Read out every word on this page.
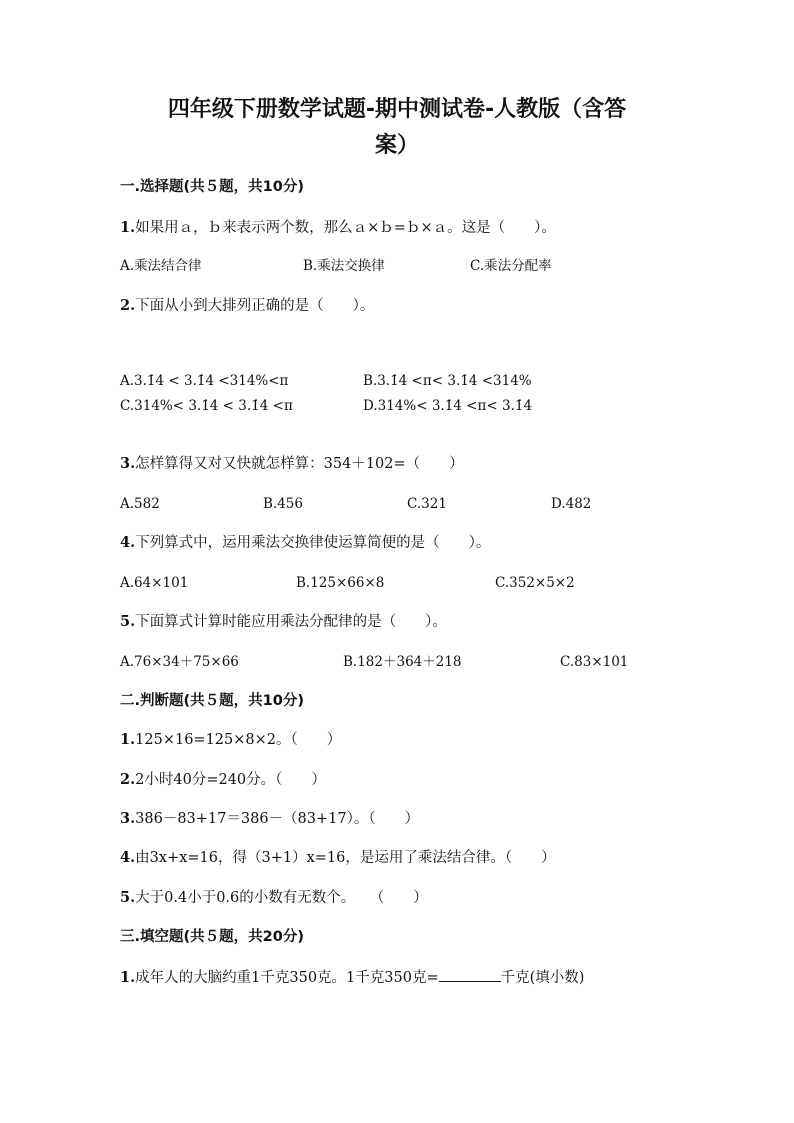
四年级下册数学试题-期中测试卷-人教版（含答
案）
一.选择题(共５题，共10分)
1.如果用ａ，ｂ来表示两个数，那么ａ×ｂ=ｂ×ａ。这是（　　）。
A.乘法结合律	B.乘法交换律	C.乘法分配率
2.下面从小到大排列正确的是（　　）。
A.3.1̇4̇ < 3.1̇4̇ <314%<π	B.3.1̇4̇ <π< 3.1̇4̇ <314%
C.314%< 3.1̇4̇ < 3.1̇4̇ <π	D.314%< 3.1̇4̇ <π< 3.1̇4̇
3.怎样算得又对又快就怎样算：354＋102=（　　）
A.582	B.456	C.321	D.482
4.下列算式中，运用乘法交换律使运算简便的是（　　）。
A.64×101	B.125×66×8	C.352×5×2
5.下面算式计算时能应用乘法分配律的是（　　）。
A.76×34＋75×66	B.182＋364＋218	C.83×101
二.判断题(共５题，共10分)
1.125×16=125×8×2。（　　）
2.2小时40分=240分。（　　）
3.386－83+17＝386－（83+17）。（　　）
4.由3x+x=16，得（3+1）x=16，是运用了乘法结合律。（　　）
5.大于0.4小于0.6的小数有无数个。　　（　　）
三.填空题(共５题，共20分)
1.成年人的大脑约重1千克350克。1千克350克=	千克(填小数)
